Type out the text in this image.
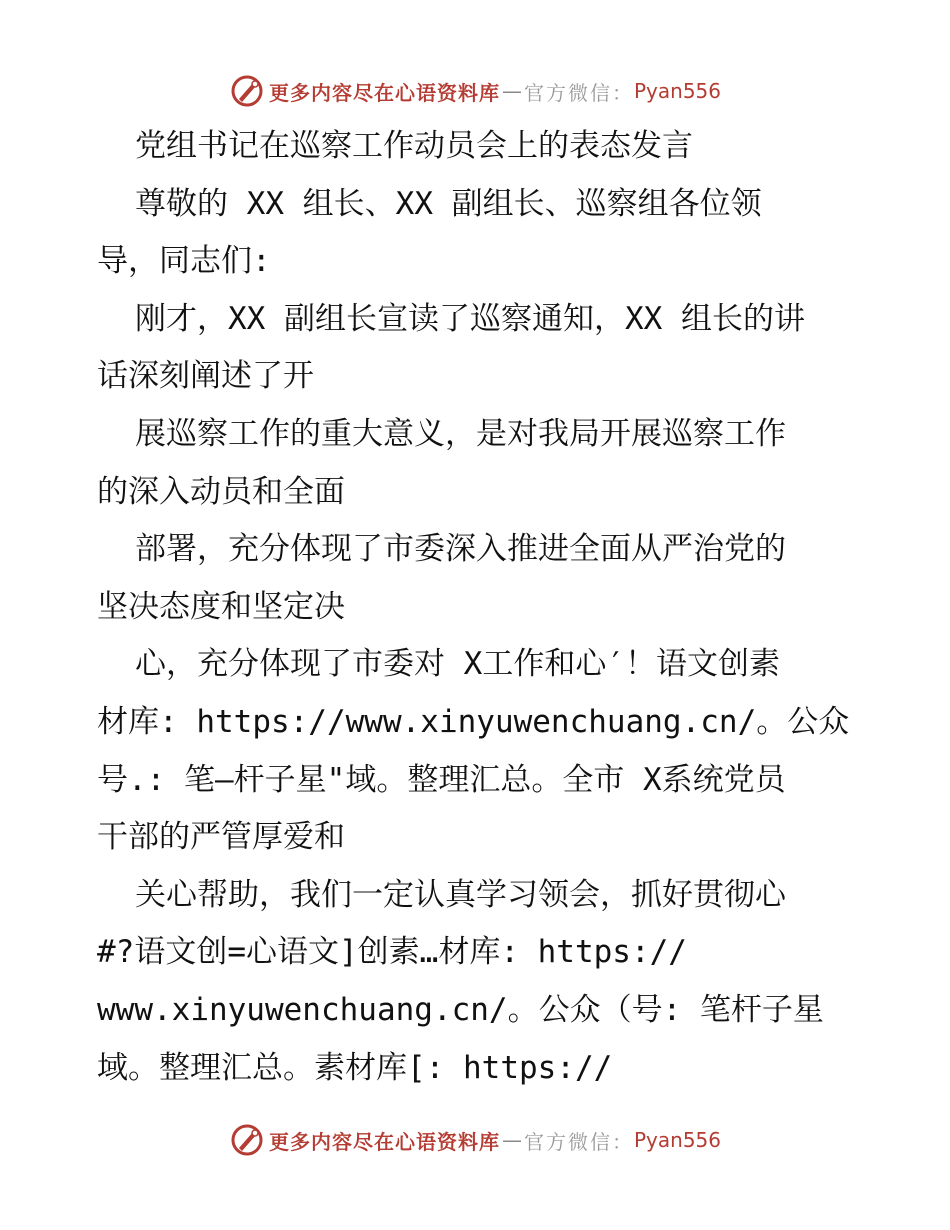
更多内容尽在心语资料库 — 官方微信： Pyan556
党组书记在巡察工作动员会上的表态发言
尊敬的 XX 组长、XX 副组长、巡察组各位领
导，同志们:
刚才，XX 副组长宣读了巡察通知，XX 组长的讲
话深刻阐述了开
展巡察工作的重大意义，是对我局开展巡察工作
的深入动员和全面
部署，充分体现了市委深入推进全面从严治党的
坚决态度和坚定决
心，充分体现了市委对 X工作和心′！语文创素
材库: https://www.xinyuwenchuang.cn/。公众
号.: 笔—杆子星"域。整理汇总。全市 X系统党员
干部的严管厚爱和
关心帮助，我们一定认真学习领会，抓好贯彻心
#?语文创=心语文]创素…材库: https://
www.xinyuwenchuang.cn/。公众（号: 笔杆子星
域。整理汇总。素材库[: https://
更多内容尽在心语资料库 — 官方微信： Pyan556
